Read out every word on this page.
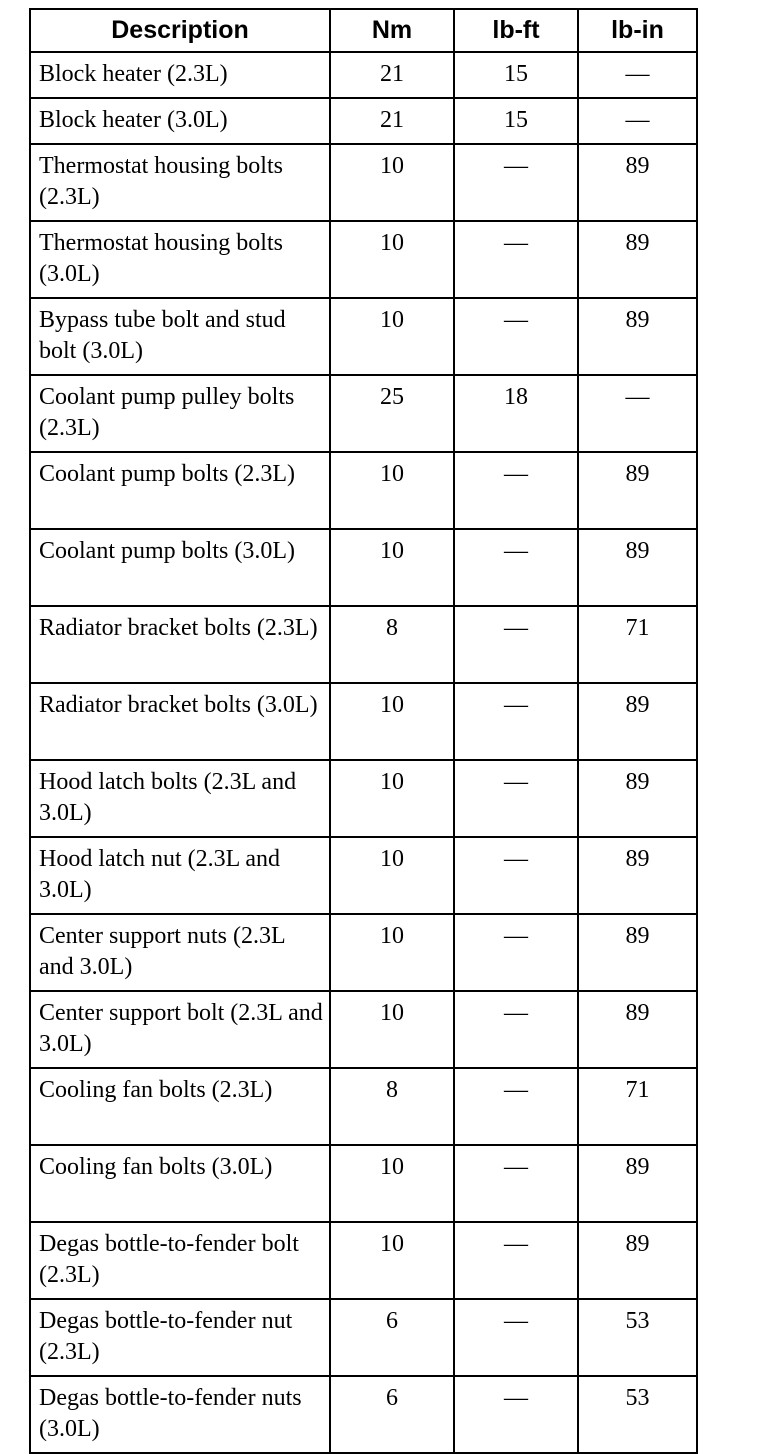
Description	Nm	lb-ft	lb-in
Block heater (2.3L)	21	15	—
Block heater (3.0L)	21	15	—
Thermostat housing bolts (2.3L)	10	—	89
Thermostat housing bolts (3.0L)	10	—	89
Bypass tube bolt and stud bolt (3.0L)	10	—	89
Coolant pump pulley bolts (2.3L)	25	18	—
Coolant pump bolts (2.3L)	10	—	89
Coolant pump bolts (3.0L)	10	—	89
Radiator bracket bolts (2.3L)	8	—	71
Radiator bracket bolts (3.0L)	10	—	89
Hood latch bolts (2.3L and 3.0L)	10	—	89
Hood latch nut (2.3L and 3.0L)	10	—	89
Center support nuts (2.3L and 3.0L)	10	—	89
Center support bolt (2.3L and 3.0L)	10	—	89
Cooling fan bolts (2.3L)	8	—	71
Cooling fan bolts (3.0L)	10	—	89
Degas bottle-to-fender bolt (2.3L)	10	—	89
Degas bottle-to-fender nut (2.3L)	6	—	53
Degas bottle-to-fender nuts (3.0L)	6	—	53
